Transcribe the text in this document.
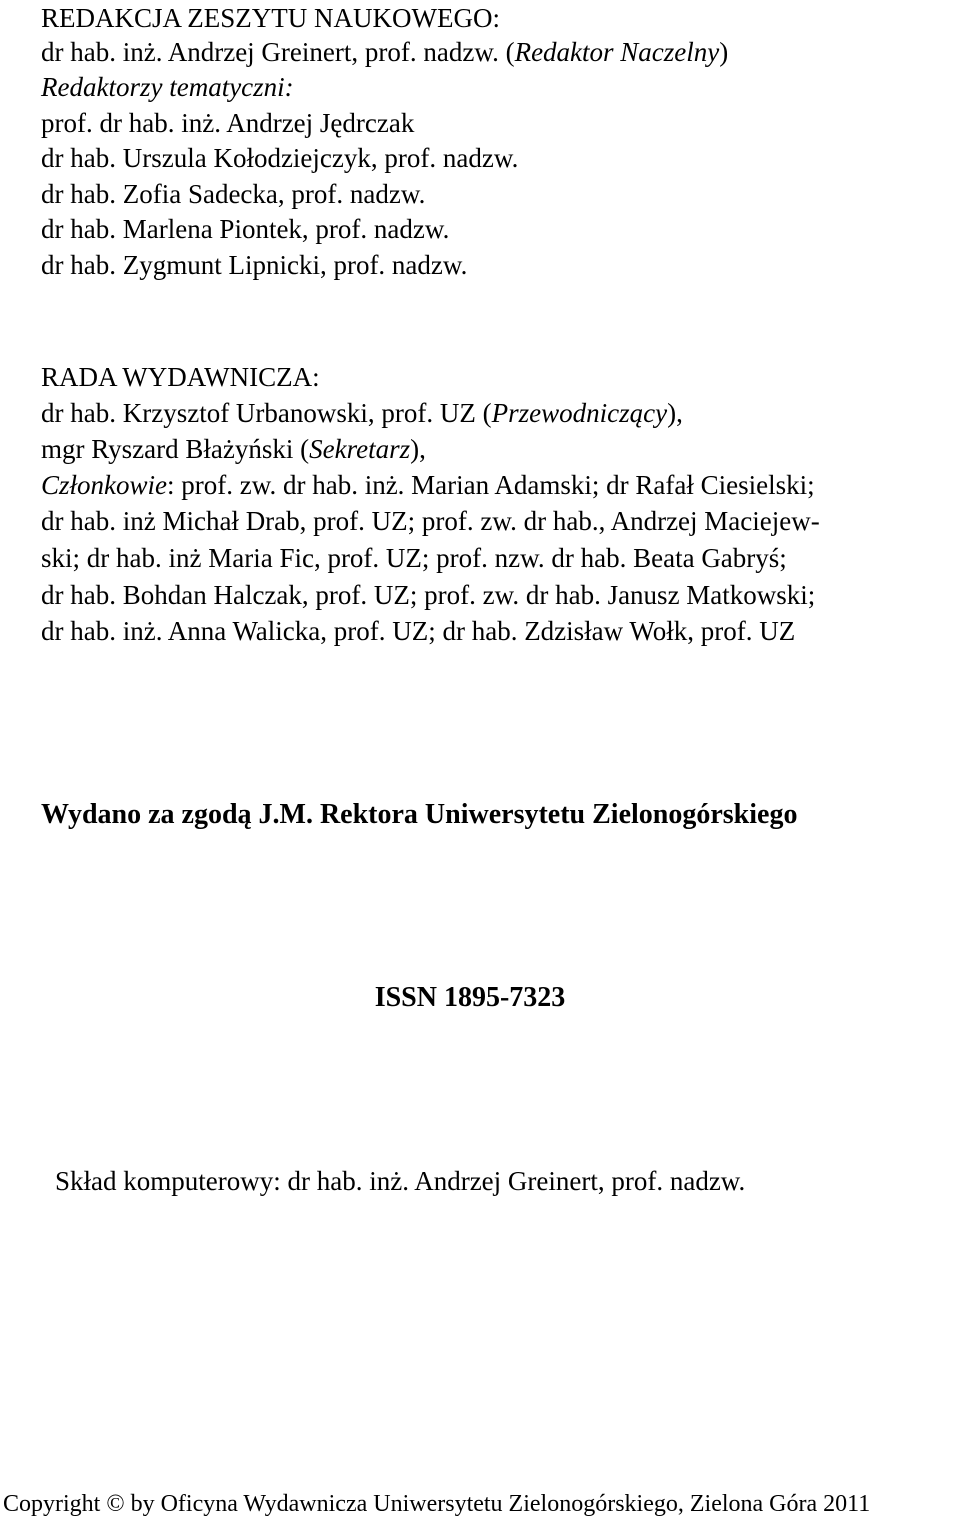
REDAKCJA ZESZYTU NAUKOWEGO:

dr hab. inż. Andrzej Greinert, prof. nadzw. (Redaktor Naczelny)

Redaktorzy tematyczni:

prof. dr hab. inż. Andrzej Jędrczak

dr hab. Urszula Kołodziejczyk, prof. nadzw.

dr hab. Zofia Sadecka, prof. nadzw.

dr hab. Marlena Piontek, prof. nadzw.

dr hab. Zygmunt Lipnicki, prof. nadzw.

RADA WYDAWNICZA:

dr hab. Krzysztof Urbanowski, prof. UZ (Przewodniczący),

mgr Ryszard Błażyński (Sekretarz),

Członkowie: prof. zw. dr hab. inż. Marian Adamski; dr Rafał Ciesielski;

dr hab. inż Michał Drab, prof. UZ; prof. zw. dr hab., Andrzej Maciejew-

ski; dr hab. inż Maria Fic, prof. UZ; prof. nzw. dr hab. Beata Gabryś;

dr hab. Bohdan Halczak, prof. UZ; prof. zw. dr hab. Janusz Matkowski;

dr hab. inż. Anna Walicka, prof. UZ; dr hab. Zdzisław Wołk, prof. UZ

Wydano za zgodą J.M. Rektora Uniwersytetu Zielonogórskiego

ISSN 1895-7323

Skład komputerowy: dr hab. inż. Andrzej Greinert, prof. nadzw.

Copyright © by Oficyna Wydawnicza Uniwersytetu Zielonogórskiego, Zielona Góra 2011
